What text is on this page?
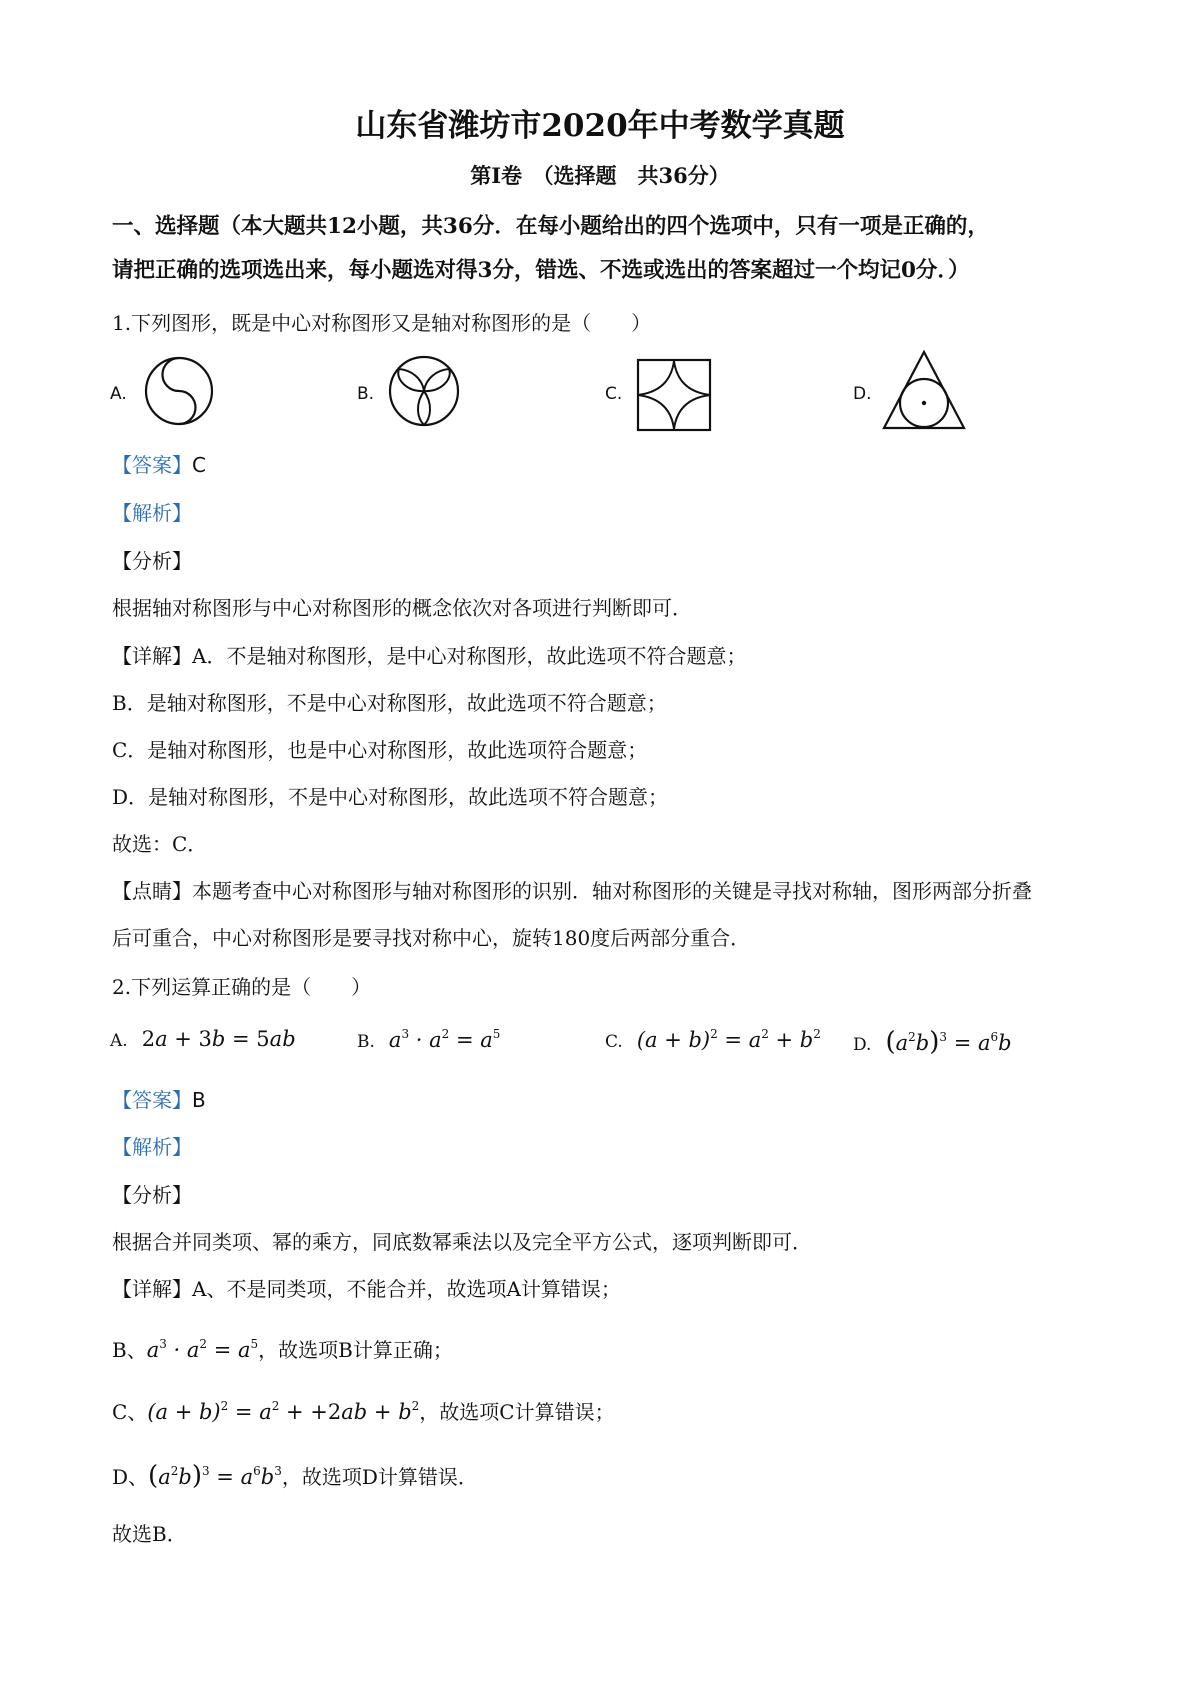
山东省潍坊市2020年中考数学真题
第Ⅰ卷　（选择题　共36分）
一、选择题（本大题共12小题，共36分．在每小题给出的四个选项中，只有一项是正确的，
请把正确的选项选出来，每小题选对得3分，错选、不选或选出的答案超过一个均记0分．）
1.下列图形，既是中心对称图形又是轴对称图形的是（　　）
A.	B.	C.	D.
【答案】C
【解析】
【分析】
根据轴对称图形与中心对称图形的概念依次对各项进行判断即可．
【详解】A．不是轴对称图形，是中心对称图形，故此选项不符合题意；
B．是轴对称图形，不是中心对称图形，故此选项不符合题意；
C．是轴对称图形，也是中心对称图形，故此选项符合题意；
D．是轴对称图形，不是中心对称图形，故此选项不符合题意；
故选：C．
【点睛】本题考查中心对称图形与轴对称图形的识别．轴对称图形的关键是寻找对称轴，图形两部分折叠
后可重合，中心对称图形是要寻找对称中心，旋转180度后两部分重合．
2.下列运算正确的是（　　）
A. 2a + 3b = 5ab	B. $a^3 \cdot a^2 = a^5$	C. $(a + b)^2 = a^2 + b^2$
D. $(a^2b)^3 = a^6b$
【答案】B
【解析】
【分析】
根据合并同类项、幂的乘方，同底数幂乘法以及完全平方公式，逐项判断即可．
【详解】A、不是同类项，不能合并，故选项A计算错误；
B、$a^3 \cdot a^2 = a^5$，故选项B计算正确；
C、$(a + b)^2 = a^2 + +2ab + b^2$，故选项C计算错误；
D、$(a^2b)^3 = a^6b^3$，故选项D计算错误．
故选B．
